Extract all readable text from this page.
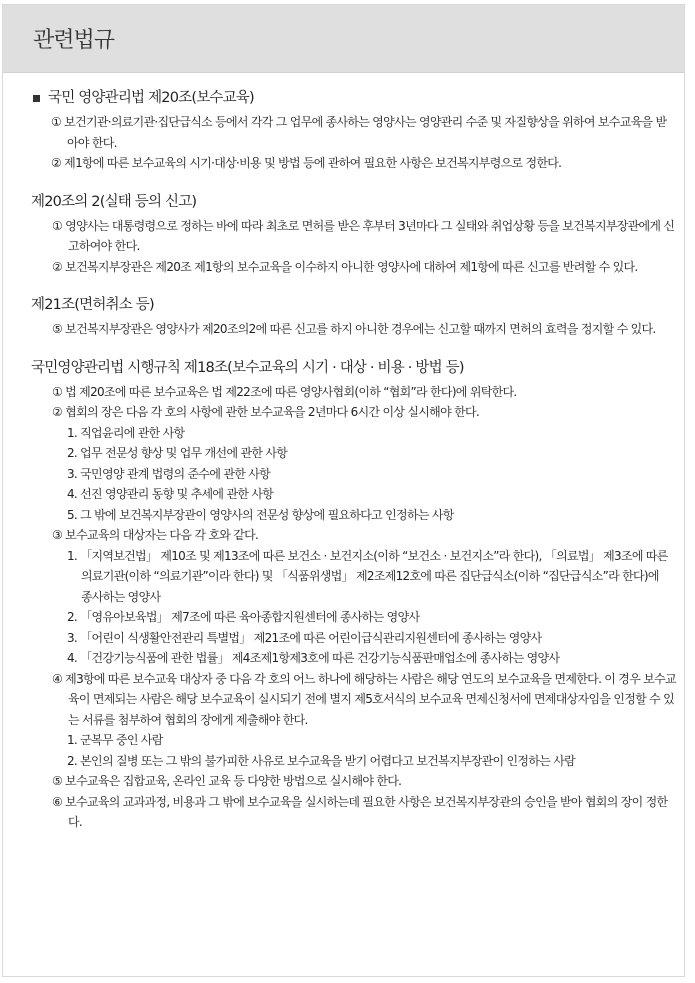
관련법규
국민 영양관리법 제20조(보수교육)
① 보건기관·의료기관·집단급식소 등에서 각각 그 업무에 종사하는 영양사는 영양관리 수준 및 자질향상을 위하여 보수교육을 받아야 한다.
② 제1항에 따른 보수교육의 시기·대상·비용 및 방법 등에 관하여 필요한 사항은 보건복지부령으로 정한다.
제20조의 2(실태 등의 신고)
① 영양사는 대통령령으로 정하는 바에 따라 최초로 면허를 받은 후부터 3년마다 그 실태와 취업상황 등을 보건복지부장관에게 신고하여야 한다.
② 보건복지부장관은 제20조 제1항의 보수교육을 이수하지 아니한 영양사에 대하여 제1항에 따른 신고를 반려할 수 있다.
제21조(면허취소 등)
⑤ 보건복지부장관은 영양사가 제20조의2에 따른 신고를 하지 아니한 경우에는 신고할 때까지 면허의 효력을 정지할 수 있다.
국민영양관리법 시행규칙 제18조(보수교육의 시기 · 대상 · 비용 · 방법 등)
① 법 제20조에 따른 보수교육은 법 제22조에 따른 영양사협회(이하 “협회”라 한다)에 위탁한다.
② 협회의 장은 다음 각 호의 사항에 관한 보수교육을 2년마다 6시간 이상 실시해야 한다.
1. 직업윤리에 관한 사항
2. 업무 전문성 향상 및 업무 개선에 관한 사항
3. 국민영양 관계 법령의 준수에 관한 사항
4. 선진 영양관리 동향 및 추세에 관한 사항
5. 그 밖에 보건복지부장관이 영양사의 전문성 향상에 필요하다고 인정하는 사항
③ 보수교육의 대상자는 다음 각 호와 같다.
1. 「지역보건법」 제10조 및 제13조에 따른 보건소 · 보건지소(이하 “보건소 · 보건지소”라 한다), 「의료법」 제3조에 따른 의료기관(이하 “의료기관”이라 한다) 및 「식품위생법」 제2조제12호에 따른 집단급식소(이하 “집단급식소”라 한다)에 종사하는 영양사
2. 「영유아보육법」 제7조에 따른 육아종합지원센터에 종사하는 영양사
3. 「어린이 식생활안전관리 특별법」 제21조에 따른 어린이급식관리지원센터에 종사하는 영양사
4. 「건강기능식품에 관한 법률」 제4조제1항제3호에 따른 건강기능식품판매업소에 종사하는 영양사
④ 제3항에 따른 보수교육 대상자 중 다음 각 호의 어느 하나에 해당하는 사람은 해당 연도의 보수교육을 면제한다. 이 경우 보수교육이 면제되는 사람은 해당 보수교육이 실시되기 전에 별지 제5호서식의 보수교육 면제신청서에 면제대상자임을 인정할 수 있는 서류를 첨부하여 협회의 장에게 제출해야 한다.
1. 군복무 중인 사람
2. 본인의 질병 또는 그 밖의 불가피한 사유로 보수교육을 받기 어렵다고 보건복지부장관이 인정하는 사람
⑤ 보수교육은 집합교육, 온라인 교육 등 다양한 방법으로 실시해야 한다.
⑥ 보수교육의 교과과정, 비용과 그 밖에 보수교육을 실시하는데 필요한 사항은 보건복지부장관의 승인을 받아 협회의 장이 정한다.
